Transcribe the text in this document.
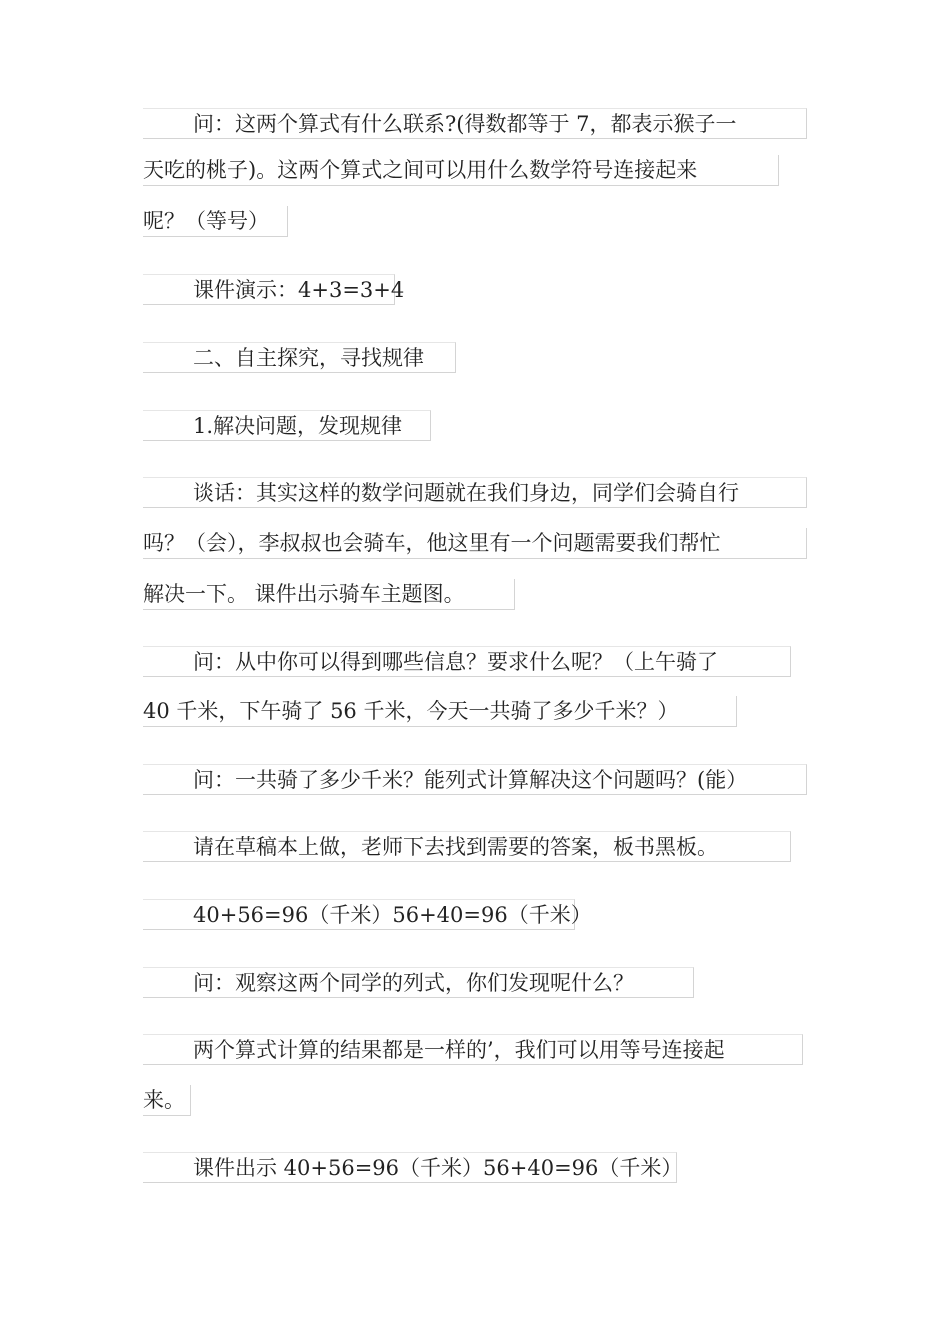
问：这两个算式有什么联系?(得数都等于 7，都表示猴子一
天吃的桃子)。这两个算式之间可以用什么数学符号连接起来
呢？（等号）
课件演示：4+3=3+4
二、自主探究，寻找规律
1.解决问题，发现规律
谈话：其实这样的数学问题就在我们身边，同学们会骑自行
吗？（会），李叔叔也会骑车，他这里有一个问题需要我们帮忙
解决一下。 课件出示骑车主题图。
问：从中你可以得到哪些信息？要求什么呢？（上午骑了
40 千米，下午骑了 56 千米，今天一共骑了多少千米？）
问：一共骑了多少千米？能列式计算解决这个问题吗？(能）
请在草稿本上做，老师下去找到需要的答案，板书黑板。
40+56=96（千米）56+40=96（千米）
问：观察这两个同学的列式，你们发现呢什么？
两个算式计算的结果都是一样的’，我们可以用等号连接起
来。
课件出示 40+56=96（千米）56+40=96（千米）
